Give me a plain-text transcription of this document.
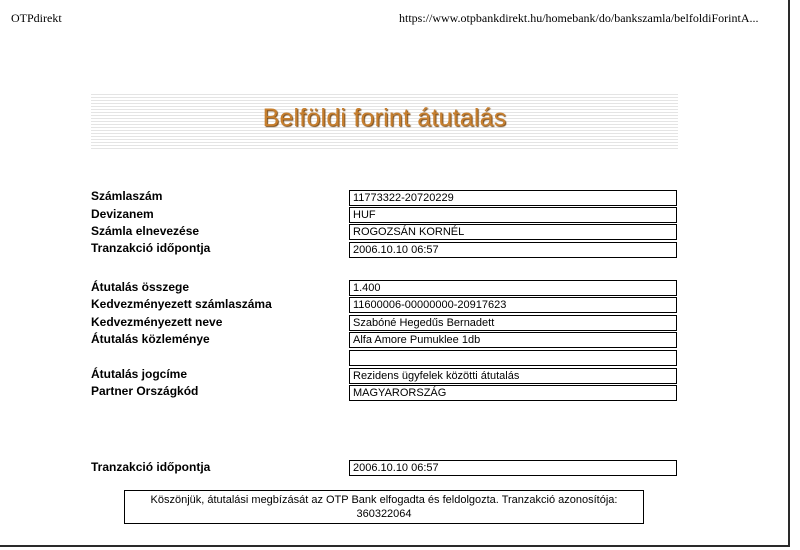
OTPdirekt	https://www.otpbankdirekt.hu/homebank/do/bankszamla/belfoldiForintA...
Belföldi forint átutalás
Számlaszám	11773322-20720229
Devizanem	HUF
Számla elnevezése	ROGOZSÁN KORNÉL
Tranzakció időpontja	2006.10.10 06:57
Átutalás összege	1.400
Kedvezményezett számlaszáma	11600006-00000000-20917623
Kedvezményezett neve	Szabóné Hegedűs Bernadett
Átutalás közleménye	Alfa Amore Pumuklee 1db
Átutalás jogcíme	Rezidens ügyfelek közötti átutalás
Partner Országkód	MAGYARORSZÁG
Tranzakció időpontja	2006.10.10 06:57
Köszönjük, átutalási megbízását az OTP Bank elfogadta és feldolgozta. Tranzakció azonosítója:
360322064
